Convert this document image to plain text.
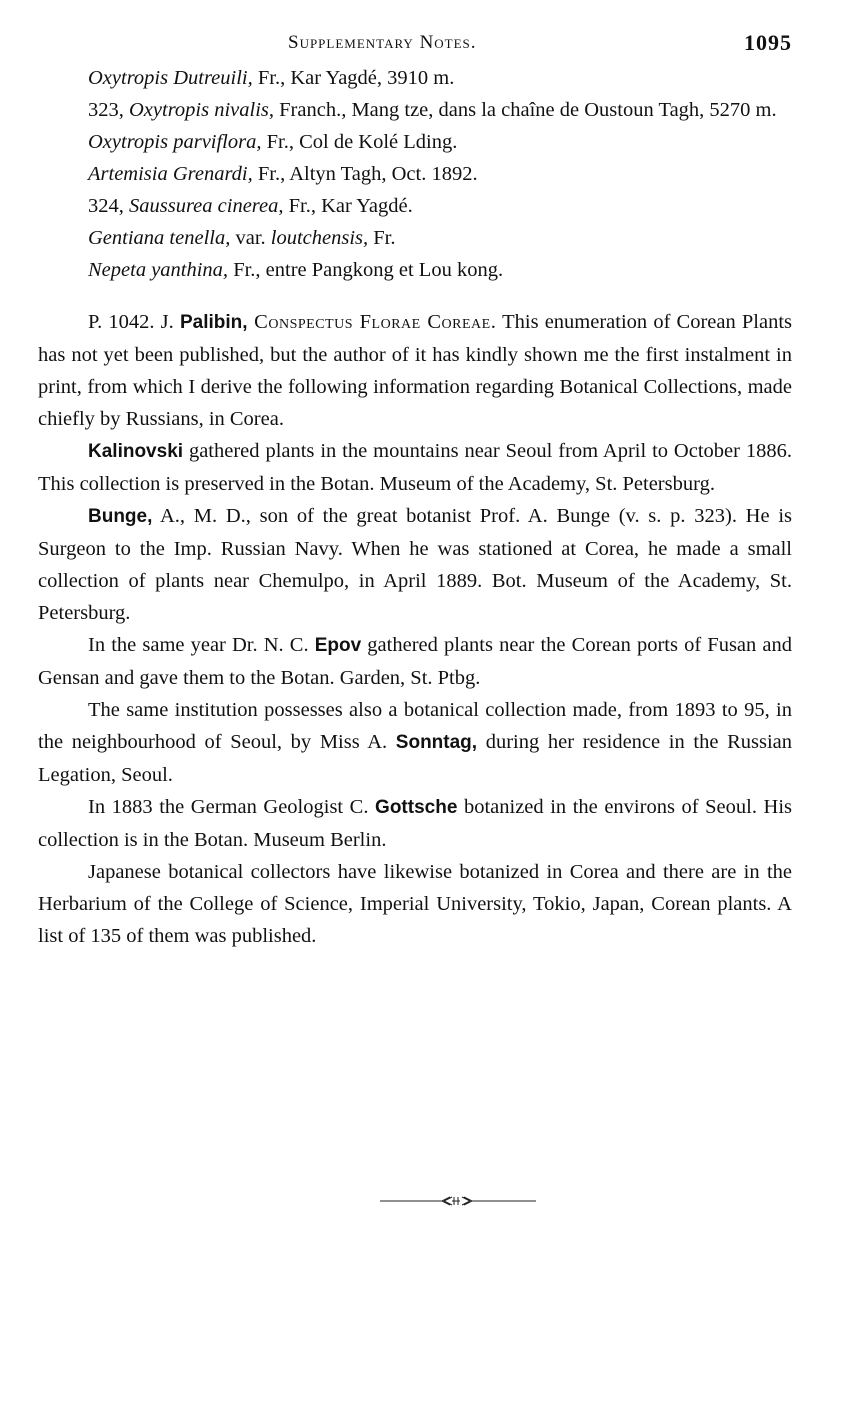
Supplementary Notes.	1095

Oxytropis Dutreuili, Fr., Kar Yagdé, 3910 m.

323, Oxytropis nivalis, Franch., Mang tze, dans la chaîne de Oustoun Tagh, 5270 m.

Oxytropis parviflora, Fr., Col de Kolé Lding.

Artemisia Grenardi, Fr., Altyn Tagh, Oct. 1892.

324, Saussurea cinerea, Fr., Kar Yagdé.

Gentiana tenella, var. loutchensis, Fr.

Nepeta yanthina, Fr., entre Pangkong et Lou kong.

P. 1042. J. Palibin, Conspectus Florae Coreae. This enumeration of Corean Plants has not yet been published, but the author of it has kindly shown me the first instalment in print, from which I derive the following information regarding Botanical Collections, made chiefly by Russians, in Corea.

Kalinovski gathered plants in the mountains near Seoul from April to October 1886. This collection is preserved in the Botan. Museum of the Academy, St. Petersburg.

Bunge, A., M. D., son of the great botanist Prof. A. Bunge (v. s. p. 323). He is Surgeon to the Imp. Russian Navy. When he was stationed at Corea, he made a small collection of plants near Chemulpo, in April 1889. Bot. Museum of the Academy, St. Petersburg.

In the same year Dr. N. C. Epov gathered plants near the Corean ports of Fusan and Gensan and gave them to the Botan. Garden, St. Ptbg.

The same institution possesses also a botanical collection made, from 1893 to 95, in the neighbourhood of Seoul, by Miss A. Sonntag, during her residence in the Russian Legation, Seoul.

In 1883 the German Geologist C. Gottsche botanized in the environs of Seoul. His collection is in the Botan. Museum Berlin.

Japanese botanical collectors have likewise botanized in Corea and there are in the Herbarium of the College of Science, Imperial University, Tokio, Japan, Corean plants. A list of 135 of them was published.
